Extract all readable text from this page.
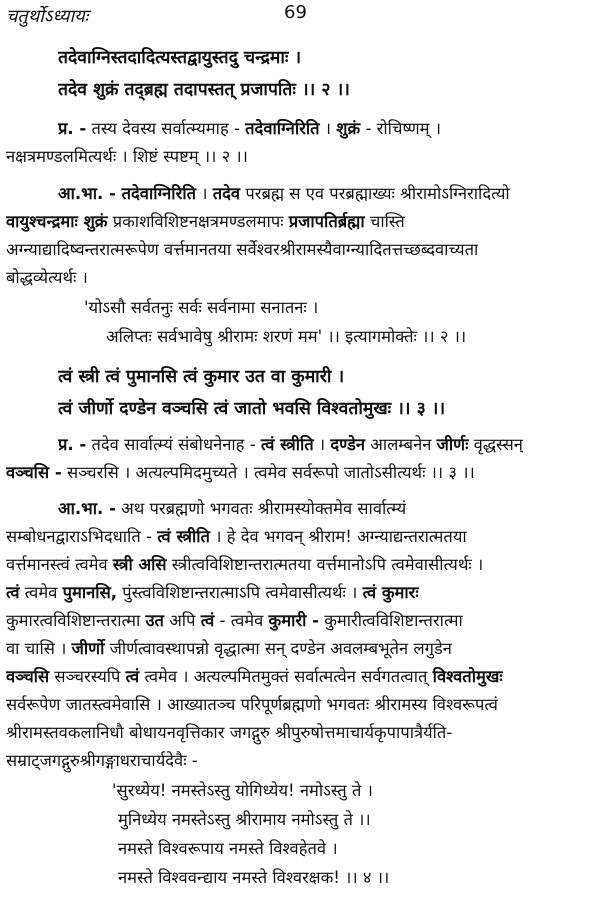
चतुर्थोऽध्यायः	69
तदेवाग्निस्तदादित्यस्तद्वायुस्तदु चन्द्रमाः ।
तदेव शुक्रं तद्ब्रह्म तदापस्तत् प्रजापतिः ।। २ ।।
प्र. - तस्य देवस्य सर्वात्म्यमाह - तदेवाग्निरिति । शुक्रं - रोचिष्णम् ।
नक्षत्रमण्डलमित्यर्थः । शिष्टं स्पष्टम् ।। २ ।।
आ.भा. - तदेवाग्निरिति । तदेव परब्रह्म स एव परब्रह्माख्यः श्रीरामोऽग्निरादित्यो
वायुश्चन्द्रमाः शुक्रं प्रकाशविशिष्टनक्षत्रमण्डलमापः प्रजापतिर्ब्रह्मा चास्ति
अग्न्याद्यादिष्वन्तरात्मरूपेण वर्त्तमानतया सर्वेश्वरश्रीरामस्यैवाग्न्यादितत्तच्छब्दवाच्यता
बोद्धव्येत्यर्थः ।
'योऽसौ सर्वतनुः सर्वः सर्वनामा सनातनः ।
अलिप्तः सर्वभावेषु श्रीरामः शरणं मम' ।। इत्यागमोक्तेः ।। २ ।।
त्वं स्त्री त्वं पुमानसि त्वं कुमार उत वा कुमारी ।
त्वं जीर्णो दण्डेन वञ्चसि त्वं जातो भवसि विश्वतोमुखः ।। ३ ।।
प्र. - तदेव सार्वात्म्यं संबोधनेनाह - त्वं स्त्रीति । दण्डेन आलम्बनेन जीर्णः वृद्धस्सन्
वञ्चसि - सञ्चरसि । अत्यल्पमिदमुच्यते । त्वमेव सर्वरूपो जातोऽसीत्यर्थः ।। ३ ।।
आ.भा. - अथ परब्रह्मणो भगवतः श्रीरामस्योक्तमेव सार्वात्म्यं
सम्बोधनद्वाराऽभिदधाति - त्वं स्त्रीति । हे देव भगवन् श्रीराम! अग्न्याद्यन्तरात्मतया
वर्त्तमानस्त्वं त्वमेव स्त्री असि स्त्रीत्वविशिष्टान्तरात्मतया वर्त्तमानोऽपि त्वमेवासीत्यर्थः ।
त्वं त्वमेव पुमानसि, पुंस्त्वविशिष्टान्तरात्माऽपि त्वमेवासीत्यर्थः । त्वं कुमारः
कुमारत्वविशिष्टान्तरात्मा उत अपि त्वं - त्वमेव कुमारी - कुमारीत्वविशिष्टान्तरात्मा
वा चासि । जीर्णो जीर्णत्वावस्थापन्नो वृद्धात्मा सन् दण्डेन अवलम्बभूतेन लगुडेन
वञ्चसि सञ्चरस्यपि त्वं त्वमेव । अत्यल्पमितमुक्तं सर्वात्मत्वेन सर्वगतत्वात् विश्वतोमुखः
सर्वरूपेण जातस्त्वमेवासि । आख्यातञ्च परिपूर्णब्रह्मणो भगवतः श्रीरामस्य विश्वरूपत्वं
श्रीरामस्तवकलानिधौ बोधायनवृत्तिकार जगद्गुरु श्रीपुरुषोत्तमाचार्यकृपापात्रैर्यति-
सम्राट्जगद्गुरुश्रीगङ्गाधराचार्यदेवैः -
'सुरध्येय! नमस्तेऽस्तु योगिध्येय! नमोऽस्तु ते ।
मुनिध्येय नमस्तेऽस्तु श्रीरामाय नमोऽस्तु ते ।।
नमस्ते विश्वरूपाय नमस्ते विश्वहेतवे ।
नमस्ते विश्ववन्द्याय नमस्ते विश्वरक्षक! ।। ४ ।।
